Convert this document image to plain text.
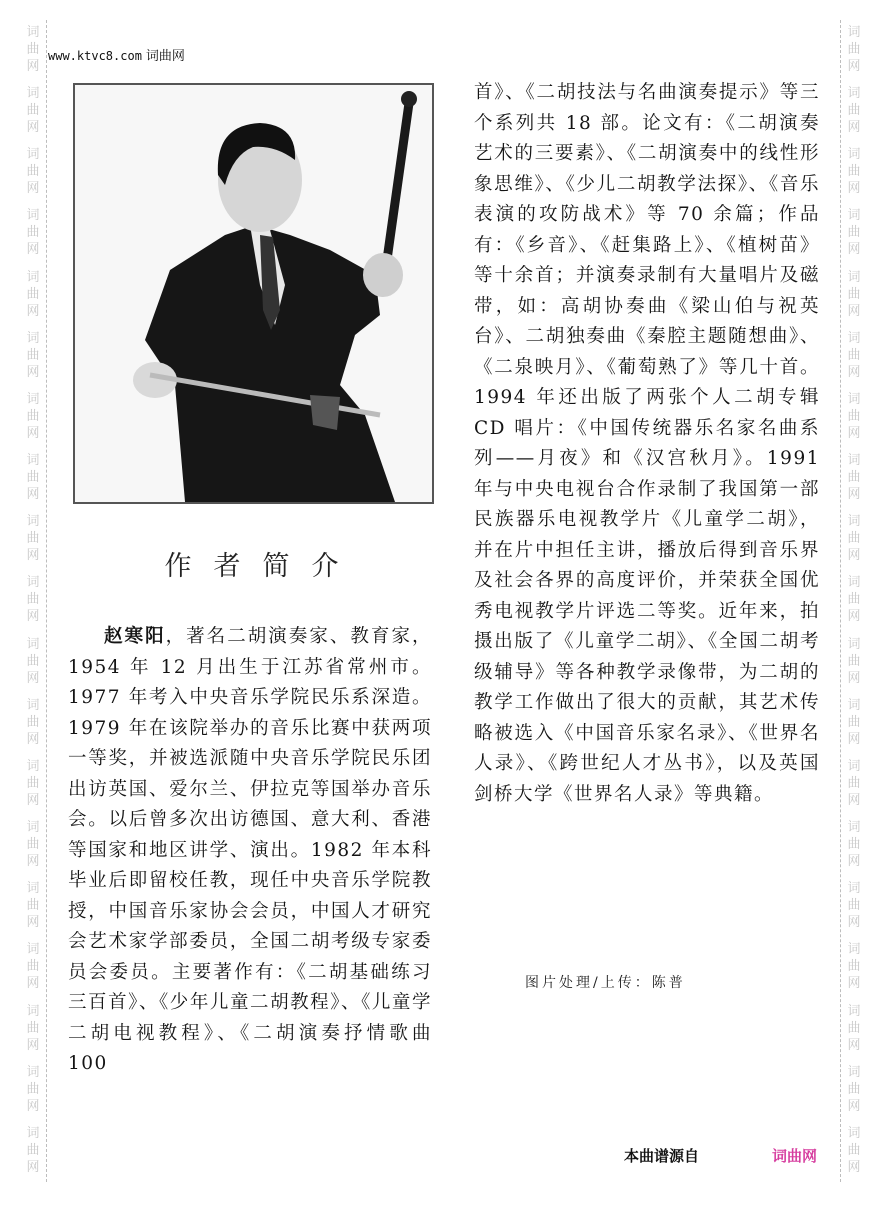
词
曲
网
词
曲
网
词
曲
网
词
曲
网
词
曲
网
词
曲
网
词
曲
网
词
曲
网
词
曲
网
词
曲
网
词
曲
网
词
曲
网
词
曲
网
词
曲
网
词
曲
网
词
曲
网
词
曲
网
词
曲
网
词
曲
网
词
曲
网
词
曲
网
词
曲
网
词
曲
网
词
曲
网
词
曲
网
词
曲
网
词
曲
网
词
曲
网
词
曲
网
词
曲
网
词
曲
网
词
曲
网
词
曲
网
词
曲
网
词
曲
网
词
曲
网
词
曲
网
词
曲
网
www.ktvc8.com 词曲网
作者简介
赵寒阳，著名二胡演奏家、教育家，1954 年 12 月出生于江苏省常州市。1977 年考入中央音乐学院民乐系深造。1979 年在该院举办的音乐比赛中获两项一等奖，并被选派随中央音乐学院民乐团出访英国、爱尔兰、伊拉克等国举办音乐会。以后曾多次出访德国、意大利、香港等国家和地区讲学、演出。1982 年本科毕业后即留校任教，现任中央音乐学院教授，中国音乐家协会会员，中国人才研究会艺术家学部委员，全国二胡考级专家委员会委员。主要著作有：《二胡基础练习三百首》、《少年儿童二胡教程》、《儿童学二胡电视教程》、《二胡演奏抒情歌曲 100
首》、《二胡技法与名曲演奏提示》等三个系列共 18 部。论文有：《二胡演奏艺术的三要素》、《二胡演奏中的线性形象思维》、《少儿二胡教学法探》、《音乐表演的攻防战术》等 70 余篇；作品有：《乡音》、《赶集路上》、《植树苗》等十余首；并演奏录制有大量唱片及磁带，如：高胡协奏曲《梁山伯与祝英台》、二胡独奏曲《秦腔主题随想曲》、《二泉映月》、《葡萄熟了》等几十首。1994 年还出版了两张个人二胡专辑 CD 唱片：《中国传统器乐名家名曲系列——月夜》和《汉宫秋月》。1991 年与中央电视台合作录制了我国第一部民族器乐电视教学片《儿童学二胡》，并在片中担任主讲，播放后得到音乐界及社会各界的高度评价，并荣获全国优秀电视教学片评选二等奖。近年来，拍摄出版了《儿童学二胡》、《全国二胡考级辅导》等各种教学录像带，为二胡的教学工作做出了很大的贡献，其艺术传略被选入《中国音乐家名录》、《世界名人录》、《跨世纪人才丛书》，以及英国剑桥大学《世界名人录》等典籍。
图片处理/上传：陈普
本曲谱源自	词曲网
